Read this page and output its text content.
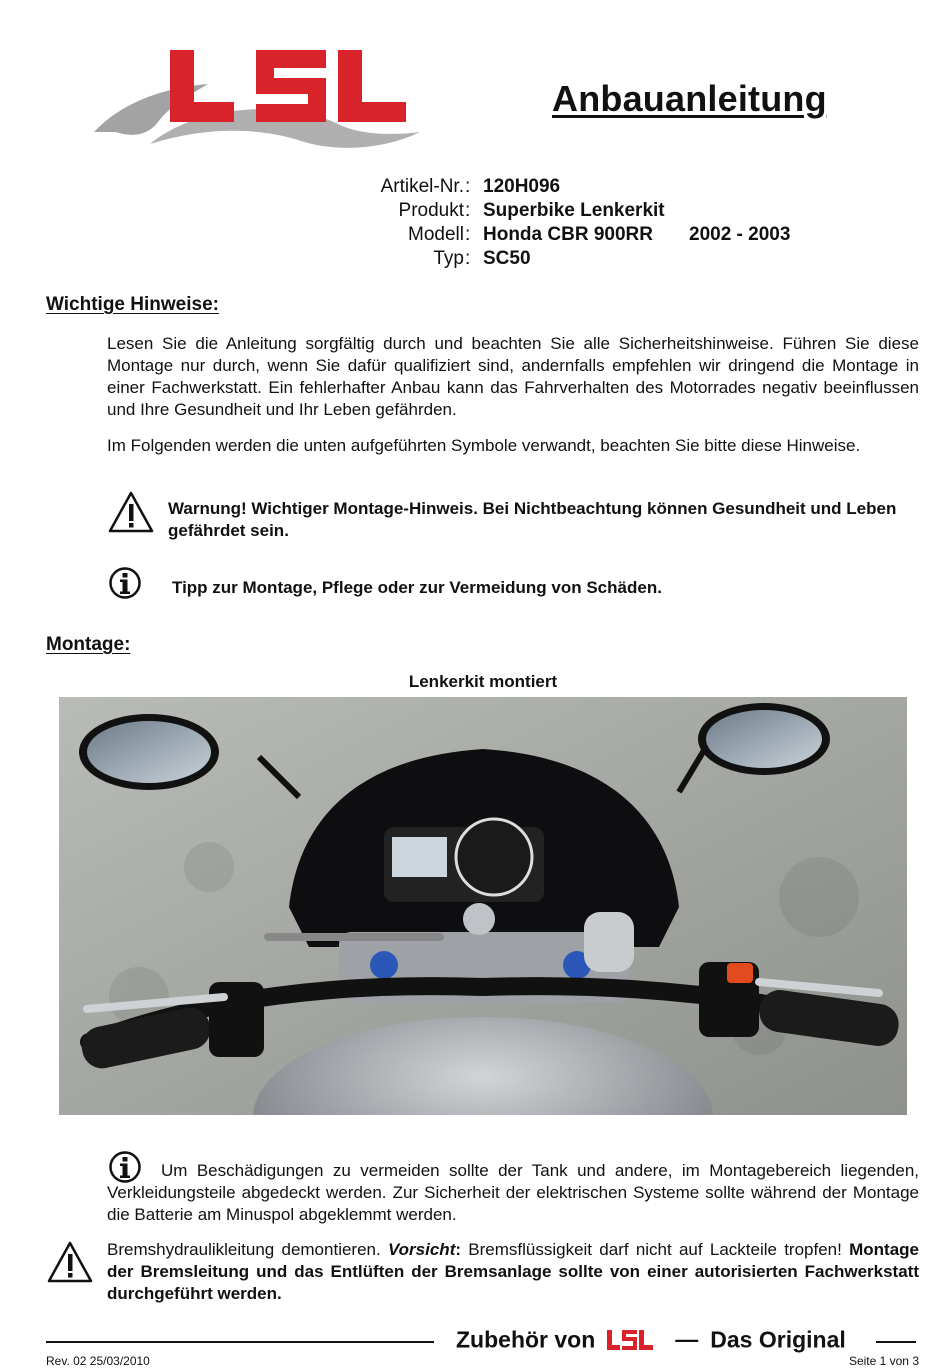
Anbauanleitung
Artikel-Nr. : 120H096
Produkt : Superbike Lenkerkit
Modell : Honda CBR 900RR 2002 - 2003
Typ : SC50
Wichtige Hinweise:
Lesen Sie die Anleitung sorgfältig durch und beachten Sie alle Sicherheitshinweise. Führen Sie diese Montage nur durch, wenn Sie dafür qualifiziert sind, andernfalls empfehlen wir dringend die Montage in einer Fachwerkstatt. Ein fehlerhafter Anbau kann das Fahrverhalten des Motorrades negativ beeinflussen und Ihre Gesundheit und Ihr Leben gefährden.
Im Folgenden werden die unten aufgeführten Symbole verwandt, beachten Sie bitte diese Hinweise.
Warnung! Wichtiger Montage-Hinweis. Bei Nichtbeachtung können Gesundheit und Leben gefährdet sein.
Tipp zur Montage, Pflege oder zur Vermeidung von Schäden.
Montage:
Lenkerkit montiert
Um Beschädigungen zu vermeiden sollte der Tank und andere, im Montagebereich liegenden, Verkleidungsteile abgedeckt werden. Zur Sicherheit der elektrischen Systeme sollte während der Montage die Batterie am Minuspol abgeklemmt werden.
Bremshydraulikleitung demontieren. Vorsicht: Bremsflüssigkeit darf nicht auf Lackteile tropfen! Montage der Bremsleitung und das Entlüften der Bremsanlage sollte von einer autorisierten Fachwerkstatt durchgeführt werden.
Zubehör von	— Das Original
Rev. 02 25/03/2010	Seite 1 von 3
